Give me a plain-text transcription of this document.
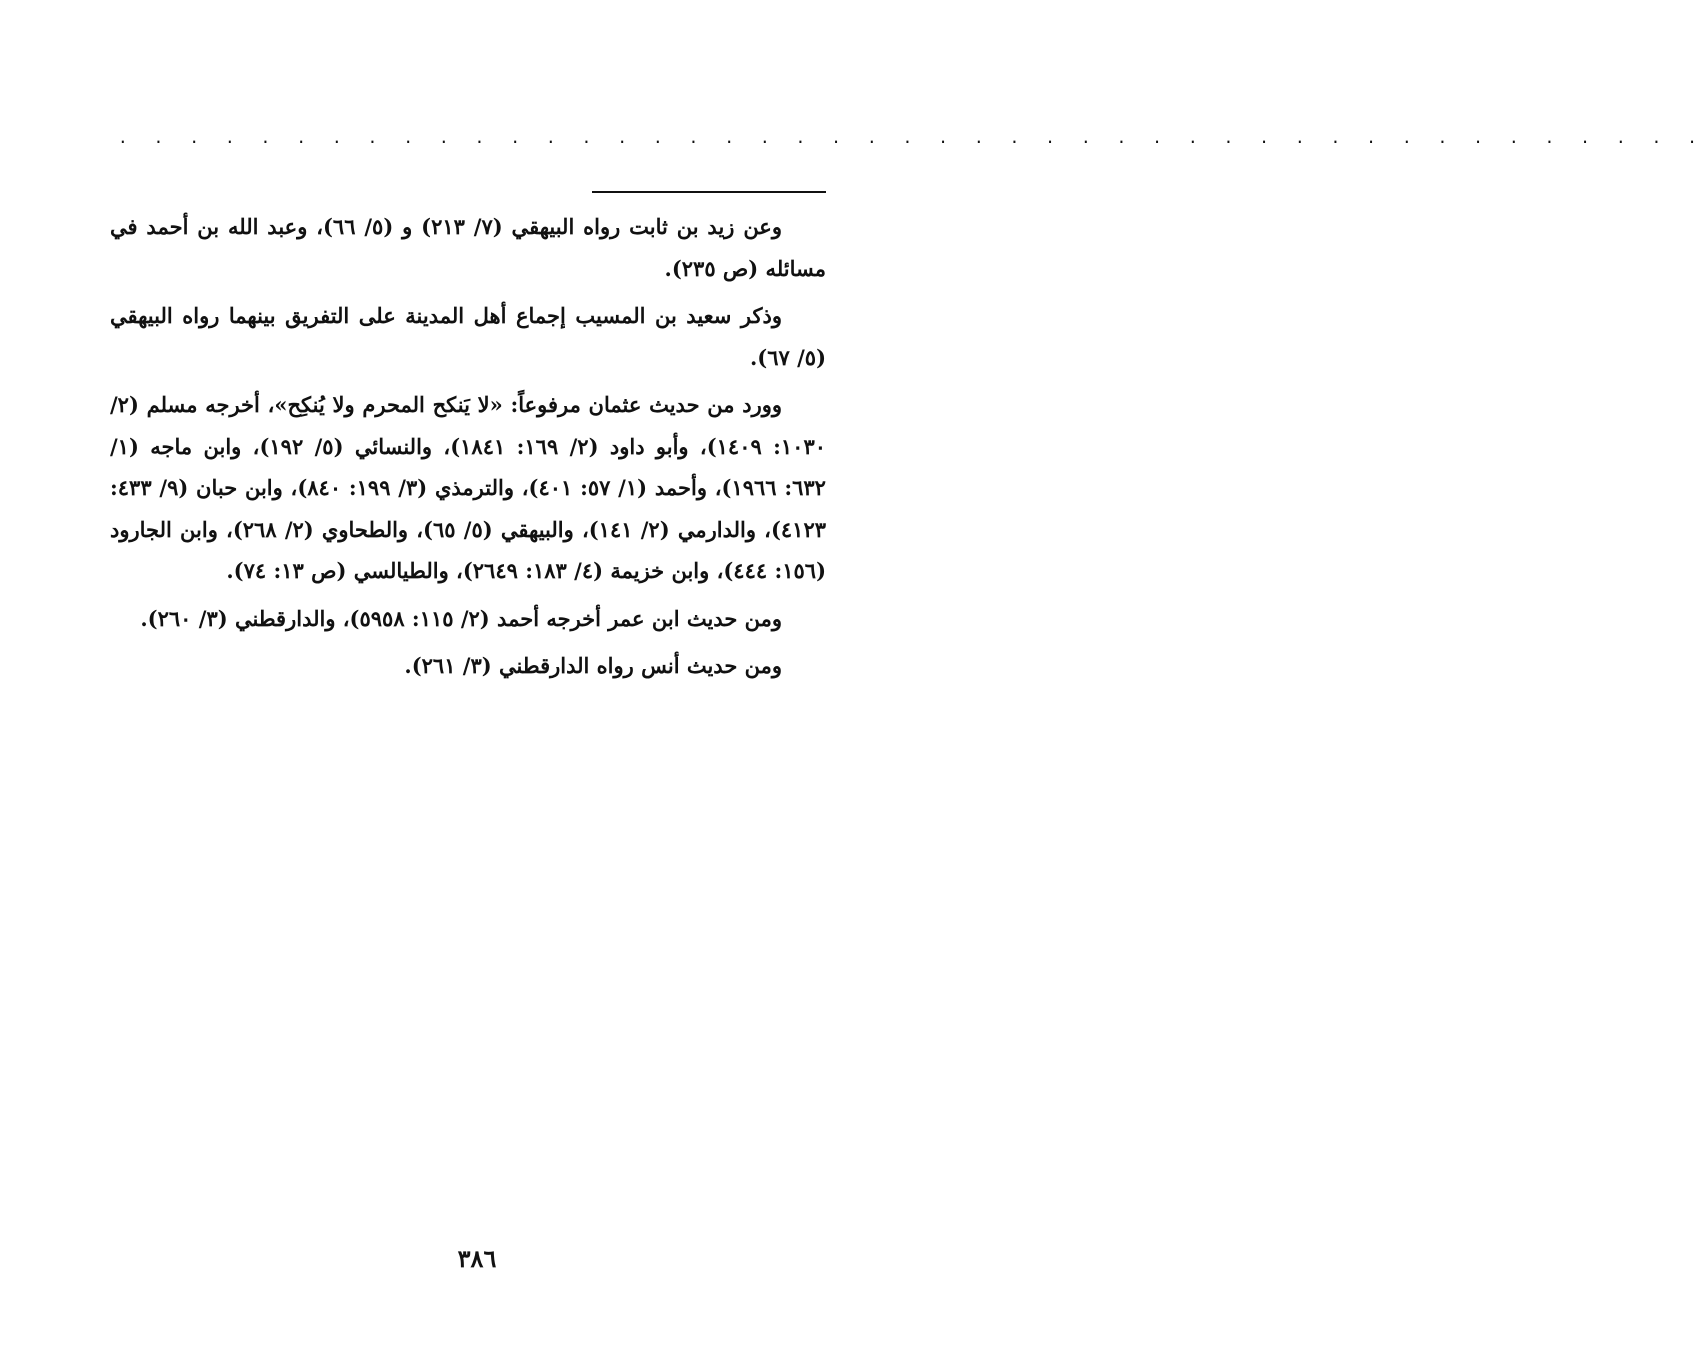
. . . . . . . . . . . . . . . . . . . . . . . . . . . . . . . . . . . . . . . . . . . . .

وعن زيد بن ثابت رواه البيهقي (٧/ ٢١٣) و (٥/ ٦٦)، وعبد الله بن أحمد في مسائله (ص ٢٣٥).

وذكر سعيد بن المسيب إجماع أهل المدينة على التفريق بينهما رواه البيهقي (٥/ ٦٧).

وورد من حديث عثمان مرفوعاً: «لا يَنكح المحرم ولا يُنكِح»، أخرجه مسلم (٢/ ١٠٣٠: ١٤٠٩)، وأبو داود (٢/ ١٦٩: ١٨٤١)، والنسائي (٥/ ١٩٢)، وابن ماجه (١/ ٦٣٢: ١٩٦٦)، وأحمد (١/ ٥٧: ٤٠١)، والترمذي (٣/ ١٩٩: ٨٤٠)، وابن حبان (٩/ ٤٣٣: ٤١٢٣)، والدارمي (٢/ ١٤١)، والبيهقي (٥/ ٦٥)، والطحاوي (٢/ ٢٦٨)، وابن الجارود (١٥٦: ٤٤٤)، وابن خزيمة (٤/ ١٨٣: ٢٦٤٩)، والطيالسي (ص ١٣: ٧٤).

ومن حديث ابن عمر أخرجه أحمد (٢/ ١١٥: ٥٩٥٨)، والدارقطني (٣/ ٢٦٠).

ومن حديث أنس رواه الدارقطني (٣/ ٢٦١).

٣٨٦
